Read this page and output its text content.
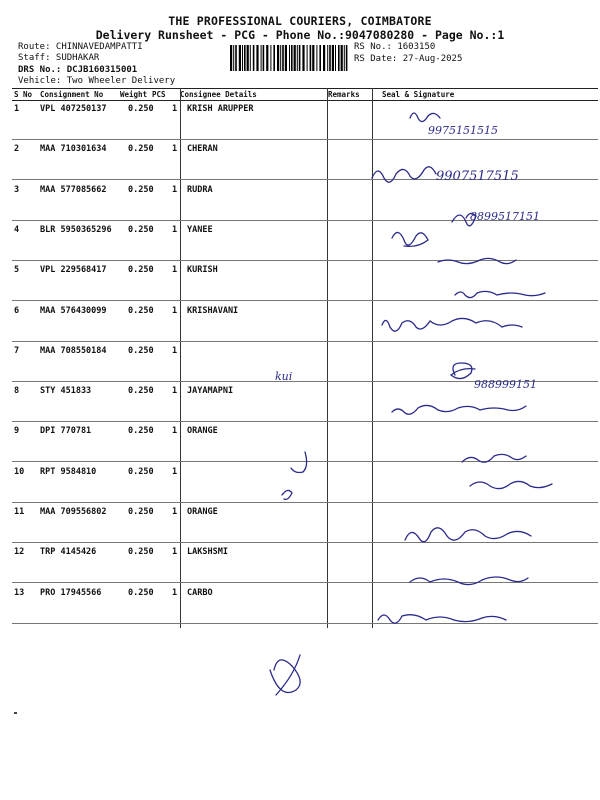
THE PROFESSIONAL COURIERS, COIMBATORE
Delivery Runsheet - PCG - Phone No.:9047080280 - Page No.:1
Route: CHINNAVEDAMPATTI
Staff: SUDHAKAR
DRS No.: DCJB160315001
Vehicle: Two Wheeler Delivery
RS No.: 1603150
RS Date: 27-Aug-2025
S No Consignment No Weight PCS Consignee Details	Remarks	Seal & Signature
1 VPL 407250137	0.250 1 KRISH ARUPPER
2 MAA 710301634	0.250 1 CHERAN
3 MAA 577085662	0.250 1 RUDRA
4 BLR 5950365296 0.250 1 YANEE
5 VPL 229568417	0.250 1 KURISH
6 MAA 576430099	0.250 1 KRISHAVANI
7 MAA 708550184	0.250 1
8 STY 451833	0.250 1 JAYAMAPNI
9 DPI 770781	0.250 1 ORANGE
10 RPT 9584810	0.250 1
11 MAA 709556802	0.250 1 ORANGE
12 TRP 4145426	0.250 1 LAKSHSMI
13 PRO 17945566	0.250 1 CARBO
9975151515
9907517515
8899517151
kui
988999151
